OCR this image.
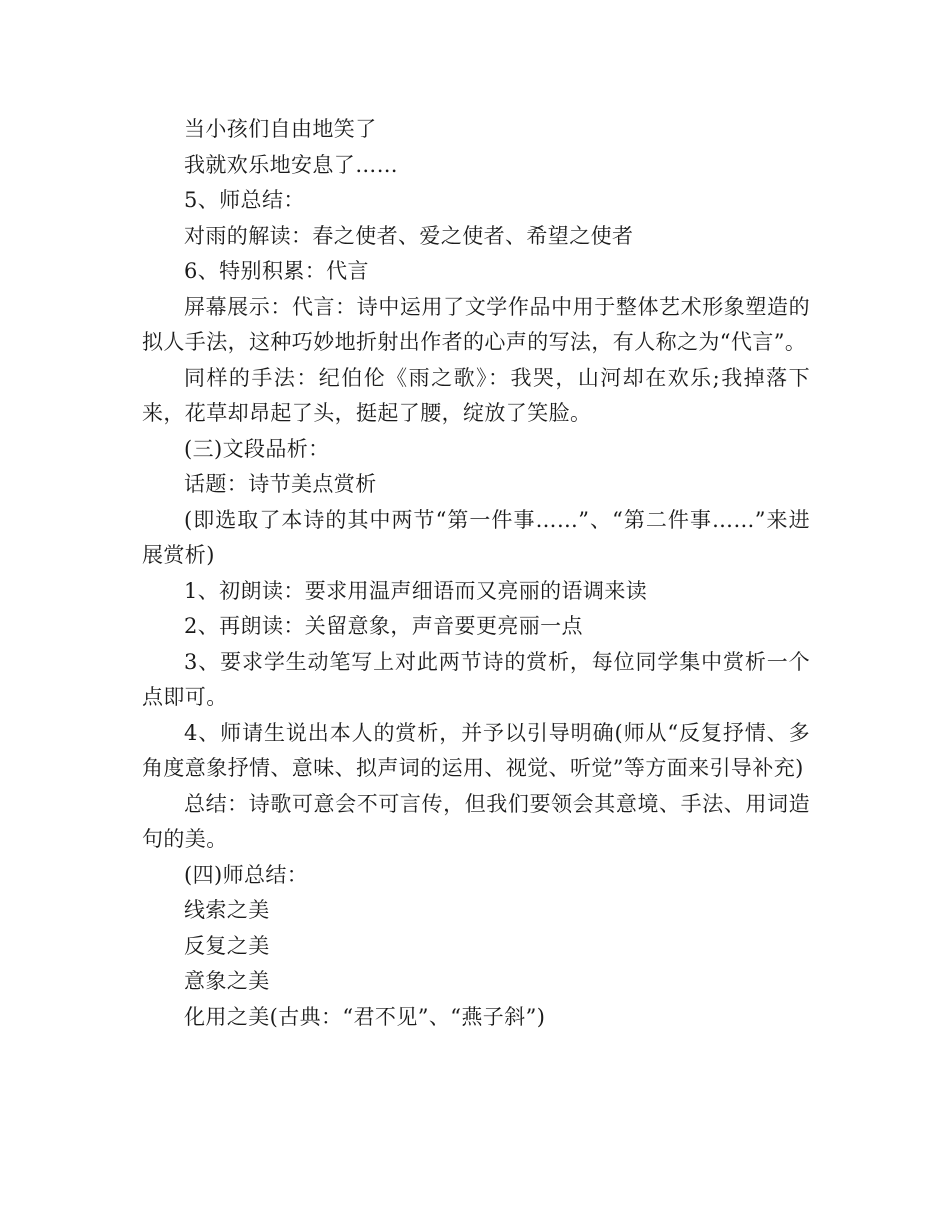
当小孩们自由地笑了

我就欢乐地安息了……

5、师总结：

对雨的解读：春之使者、爱之使者、希望之使者

6、特别积累：代言

屏幕展示：代言：诗中运用了文学作品中用于整体艺术形象塑造的拟人手法，这种巧妙地折射出作者的心声的写法，有人称之为“代言”。

同样的手法：纪伯伦《雨之歌》：我哭，山河却在欢乐;我掉落下来，花草却昂起了头，挺起了腰，绽放了笑脸。

(三)文段品析：

话题：诗节美点赏析

(即选取了本诗的其中两节“第一件事……”、“第二件事……”来进展赏析)

1、初朗读：要求用温声细语而又亮丽的语调来读

2、再朗读：关留意象，声音要更亮丽一点

3、要求学生动笔写上对此两节诗的赏析，每位同学集中赏析一个点即可。

4、师请生说出本人的赏析，并予以引导明确(师从“反复抒情、多角度意象抒情、意味、拟声词的运用、视觉、听觉”等方面来引导补充)

总结：诗歌可意会不可言传，但我们要领会其意境、手法、用词造句的美。

(四)师总结：

线索之美

反复之美

意象之美

化用之美(古典：“君不见”、“燕子斜”)
